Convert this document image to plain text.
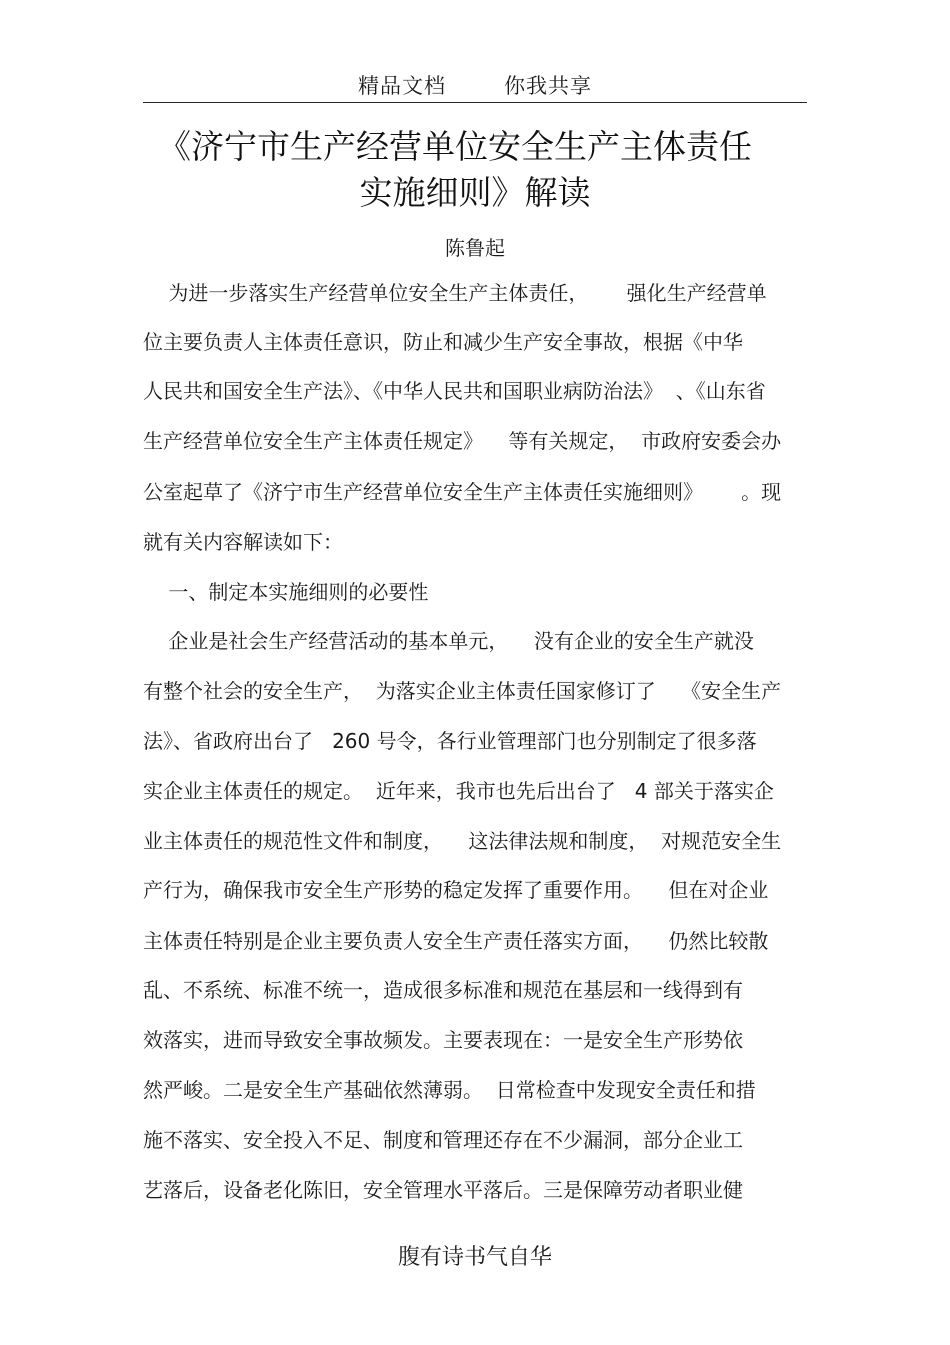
精品文档	你我共享
《济宁市生产经营单位安全生产主体责任
实施细则》解读
陈鲁起
为进一步落实生产经营单位安全生产主体责任，      强化生产经营单
位主要负责人主体责任意识，防止和减少生产安全事故，根据《中华
人民共和国安全生产法》、《中华人民共和国职业病防治法》  、《山东省
生产经营单位安全生产主体责任规定》    等有关规定，  市政府安委会办
公室起草了《济宁市生产经营单位安全生产主体责任实施细则》      。现
就有关内容解读如下：
一、制定本实施细则的必要性
企业是社会生产经营活动的基本单元，    没有企业的安全生产就没
有整个社会的安全生产，  为落实企业主体责任国家修订了    《安全生产
法》、省政府出台了   260 号令，各行业管理部门也分别制定了很多落
实企业主体责任的规定。  近年来，我市也先后出台了   4 部关于落实企
业主体责任的规范性文件和制度，    这法律法规和制度，  对规范安全生
产行为，确保我市安全生产形势的稳定发挥了重要作用。    但在对企业
主体责任特别是企业主要负责人安全生产责任落实方面，    仍然比较散
乱、不系统、标准不统一，造成很多标准和规范在基层和一线得到有
效落实，进而导致安全事故频发。主要表现在：一是安全生产形势依
然严峻。二是安全生产基础依然薄弱。  日常检查中发现安全责任和措
施不落实、安全投入不足、制度和管理还存在不少漏洞，部分企业工
艺落后，设备老化陈旧，安全管理水平落后。三是保障劳动者职业健
腹有诗书气自华
